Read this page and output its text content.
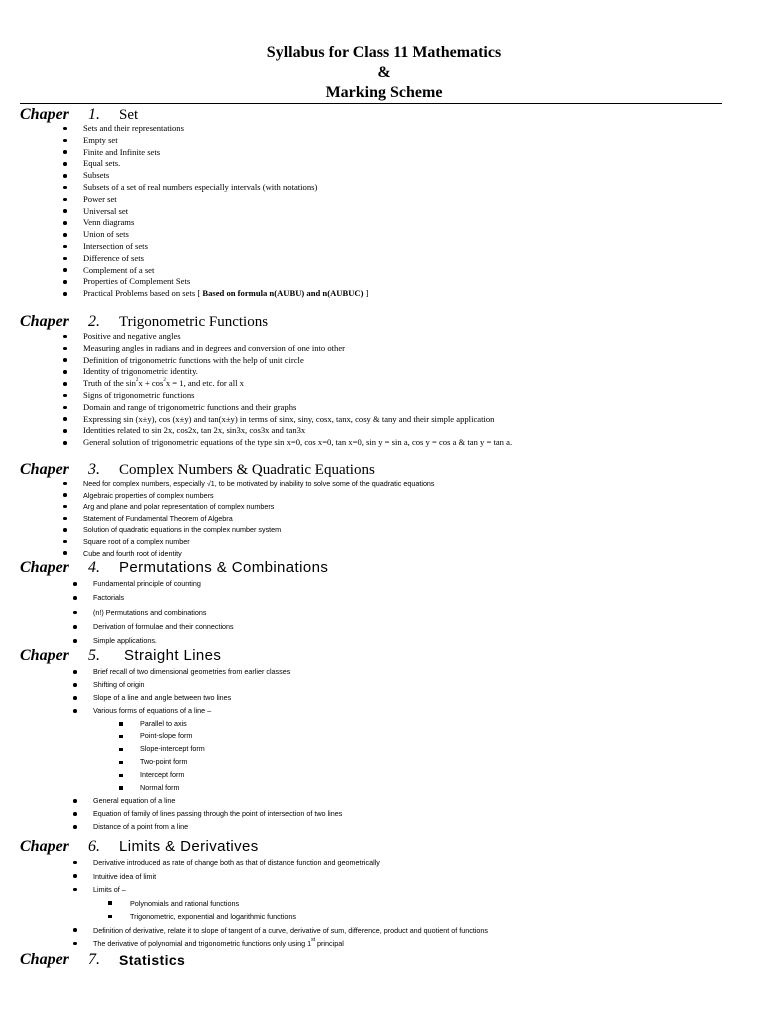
Syllabus for Class 11 Mathematics
&
Marking Scheme
Chaper 1. Set
Sets and their representations
Empty set
Finite and Infinite sets
Equal sets.
Subsets
Subsets of a set of real numbers especially intervals (with notations)
Power set
Universal set
Venn diagrams
Union of sets
Intersection of sets
Difference of sets
Complement of a set
Properties of Complement Sets
Practical Problems based on sets [ Based on formula n(AUBU) and n(AUBUC) ]
Chaper 2. Trigonometric Functions
Positive and negative angles
Measuring angles in radians and in degrees and conversion of one into other
Definition of trigonometric functions with the help of unit circle
Identity of trigonometric identity.
Truth of the $\sin^2x + \cos^2x = 1$, and etc. for all x
Signs of trigonometric functions
Domain and range of trigonometric functions and their graphs
Expressing sin (x±y), cos (x±y) and tan(x±y) in terms of sinx, siny, cosx, tanx, cosy & tany and their simple application
Identities related to sin 2x, cos2x, tan 2x, sin3x, cos3x and tan3x
General solution of trigonometric equations of the type sin x=0, cos x=0, tan x=0, sin y = sin a, cos y = cos a & tan y = tan a.
Chaper 3. Complex Numbers & Quadratic Equations
Need for complex numbers, especially √1, to be motivated by inability to solve some of the quadratic equations
Algebraic properties of complex numbers
Arg and plane and polar representation of complex numbers
Statement of Fundamental Theorem of Algebra
Solution of quadratic equations in the complex number system
Square root of a complex number
Cube and fourth root of identity
Chaper 4. Permutations & Combinations
Fundamental principle of counting
Factorials
(n!) Permutations and combinations
Derivation of formulae and their connections
Simple applications.
Chaper 5. Straight Lines
Brief recall of two dimensional geometries from earlier classes
Shifting of origin
Slope of a line and angle between two lines
Various forms of equations of a line –
Parallel to axis
Point-slope form
Slope-intercept form
Two-point form
Intercept form
Normal form
General equation of a line
Equation of family of lines passing through the point of intersection of two lines
Distance of a point from a line
Chaper 6. Limits & Derivatives
Derivative introduced as rate of change both as that of distance function and geometrically
Intuitive idea of limit
Limits of –
Polynomials and rational functions
Trigonometric, exponential and logarithmic functions
Definition of derivative, relate it to slope of tangent of a curve, derivative of sum, difference, product and quotient of functions
The derivative of polynomial and trigonometric functions only using 1st principal
Chaper 7. Statistics
